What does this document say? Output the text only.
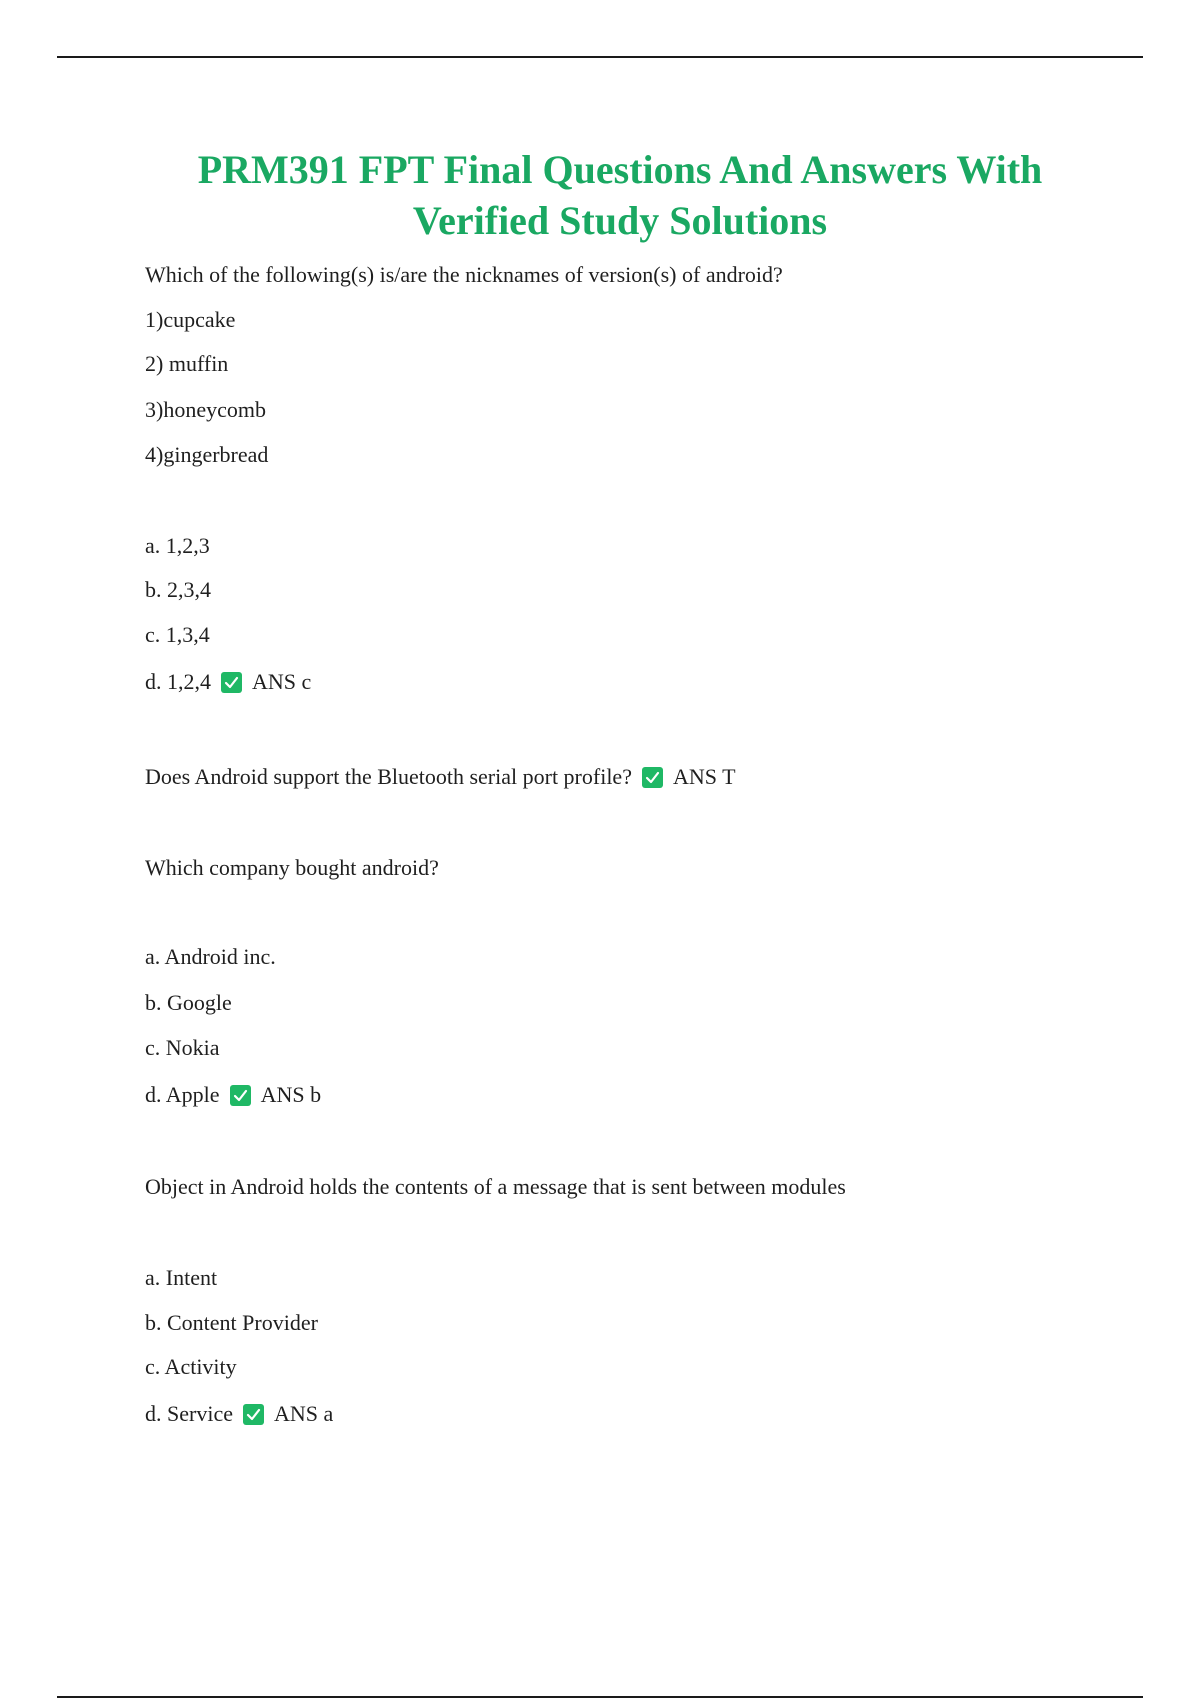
PRM391 FPT Final Questions And Answers With
Verified Study Solutions
Which of the following(s) is/are the nicknames of version(s) of android?
1)cupcake
2) muffin
3)honeycomb
4)gingerbread
a. 1,2,3
b. 2,3,4
c. 1,3,4
d. 1,2,4 ANS c
Does Android support the Bluetooth serial port profile? ANS T
Which company bought android?
a. Android inc.
b. Google
c. Nokia
d. Apple ANS b
Object in Android holds the contents of a message that is sent between modules
a. Intent
b. Content Provider
c. Activity
d. Service ANS a
